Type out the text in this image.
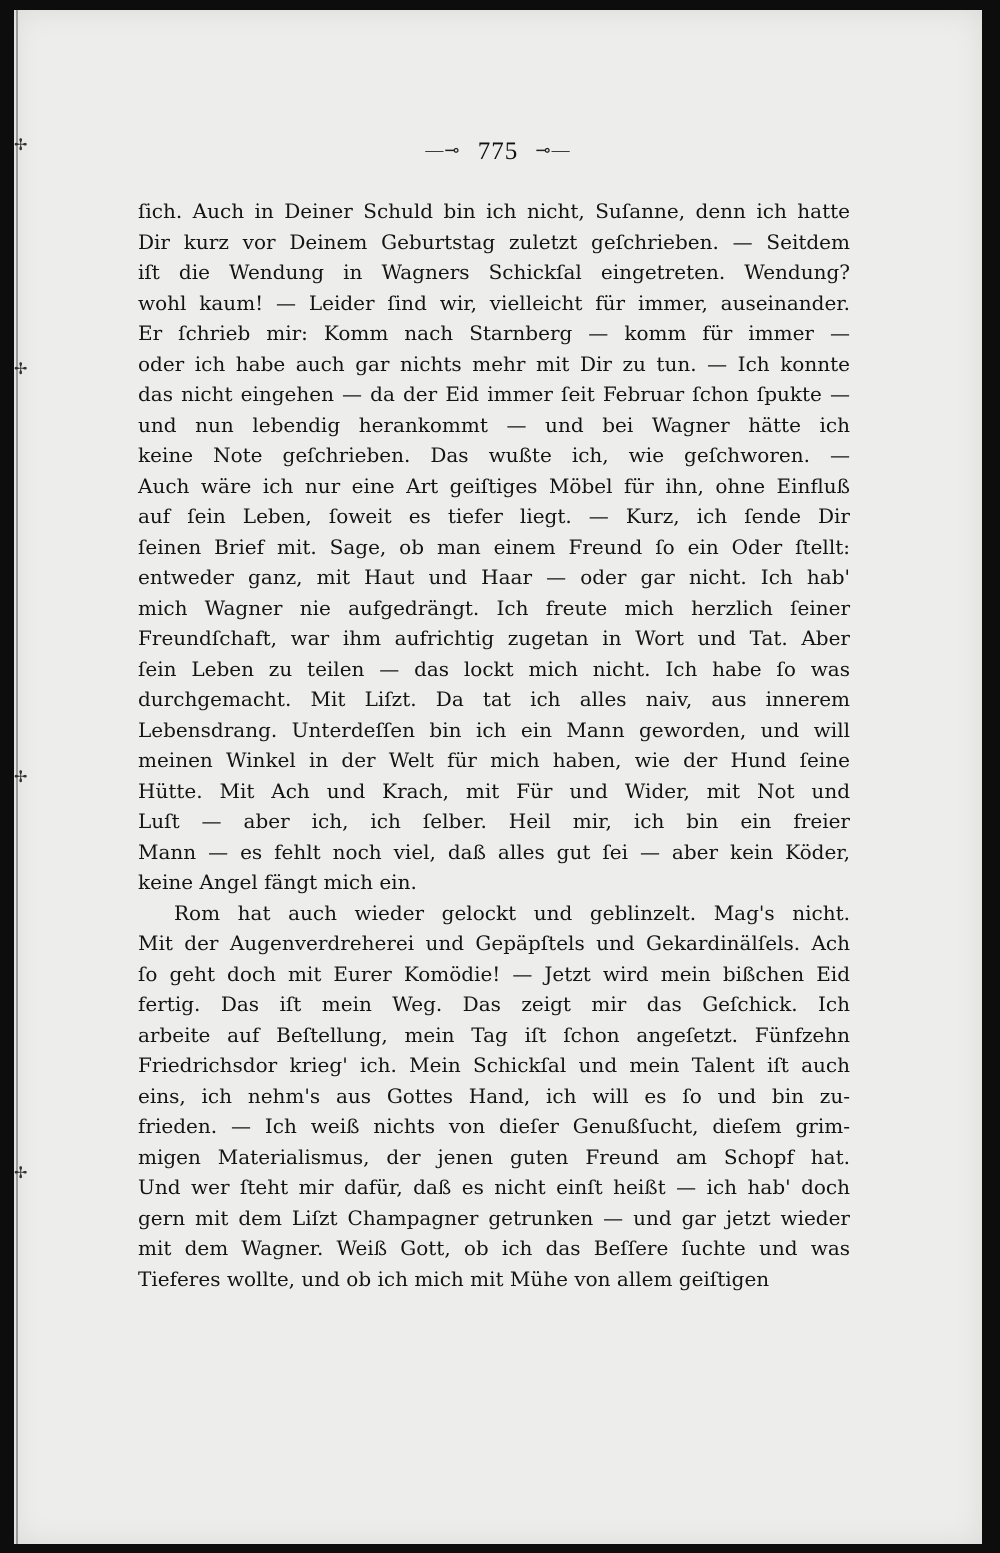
✢
✢
✢
✢
—⊸ 775 ⊸—
ſich. Auch in Deiner Schuld bin ich nicht, Suſanne, denn ich hatte
Dir kurz vor Deinem Geburtstag zuletzt geſchrieben. — Seitdem
iſt die Wendung in Wagners Schickſal eingetreten. Wendung?
wohl kaum! — Leider ſind wir, vielleicht für immer, auseinander.
Er ſchrieb mir: Komm nach Starnberg — komm für immer —
oder ich habe auch gar nichts mehr mit Dir zu tun. — Ich konnte
das nicht eingehen — da der Eid immer ſeit Februar ſchon ſpukte —
und nun lebendig herankommt — und bei Wagner hätte ich
keine Note geſchrieben. Das wußte ich, wie geſchworen. —
Auch wäre ich nur eine Art geiſtiges Möbel für ihn, ohne Einfluß
auf ſein Leben, ſoweit es tiefer liegt. — Kurz, ich ſende Dir
ſeinen Brief mit. Sage, ob man einem Freund ſo ein Oder ſtellt:
entweder ganz, mit Haut und Haar — oder gar nicht. Ich hab'
mich Wagner nie aufgedrängt. Ich freute mich herzlich ſeiner
Freundſchaft, war ihm aufrichtig zugetan in Wort und Tat. Aber
ſein Leben zu teilen — das lockt mich nicht. Ich habe ſo was
durchgemacht. Mit Liſzt. Da tat ich alles naiv, aus innerem
Lebensdrang. Unterdeſſen bin ich ein Mann geworden, und will
meinen Winkel in der Welt für mich haben, wie der Hund ſeine
Hütte. Mit Ach und Krach, mit Für und Wider, mit Not und
Luſt — aber ich, ich ſelber. Heil mir, ich bin ein freier
Mann — es fehlt noch viel, daß alles gut ſei — aber kein Köder,
keine Angel fängt mich ein.
Rom hat auch wieder gelockt und geblinzelt. Mag's nicht.
Mit der Augenverdreherei und Gepäpſtels und Gekardinälſels. Ach
ſo geht doch mit Eurer Komödie! — Jetzt wird mein bißchen Eid
fertig. Das iſt mein Weg. Das zeigt mir das Geſchick. Ich
arbeite auf Beſtellung, mein Tag iſt ſchon angeſetzt. Fünfzehn
Friedrichsdor krieg' ich. Mein Schickſal und mein Talent iſt auch
eins, ich nehm's aus Gottes Hand, ich will es ſo und bin zu-
frieden. — Ich weiß nichts von dieſer Genußſucht, dieſem grim-
migen Materialismus, der jenen guten Freund am Schopf hat.
Und wer ſteht mir dafür, daß es nicht einſt heißt — ich hab' doch
gern mit dem Liſzt Champagner getrunken — und gar jetzt wieder
mit dem Wagner. Weiß Gott, ob ich das Beſſere ſuchte und was
Tieferes wollte, und ob ich mich mit Mühe von allem geiſtigen
